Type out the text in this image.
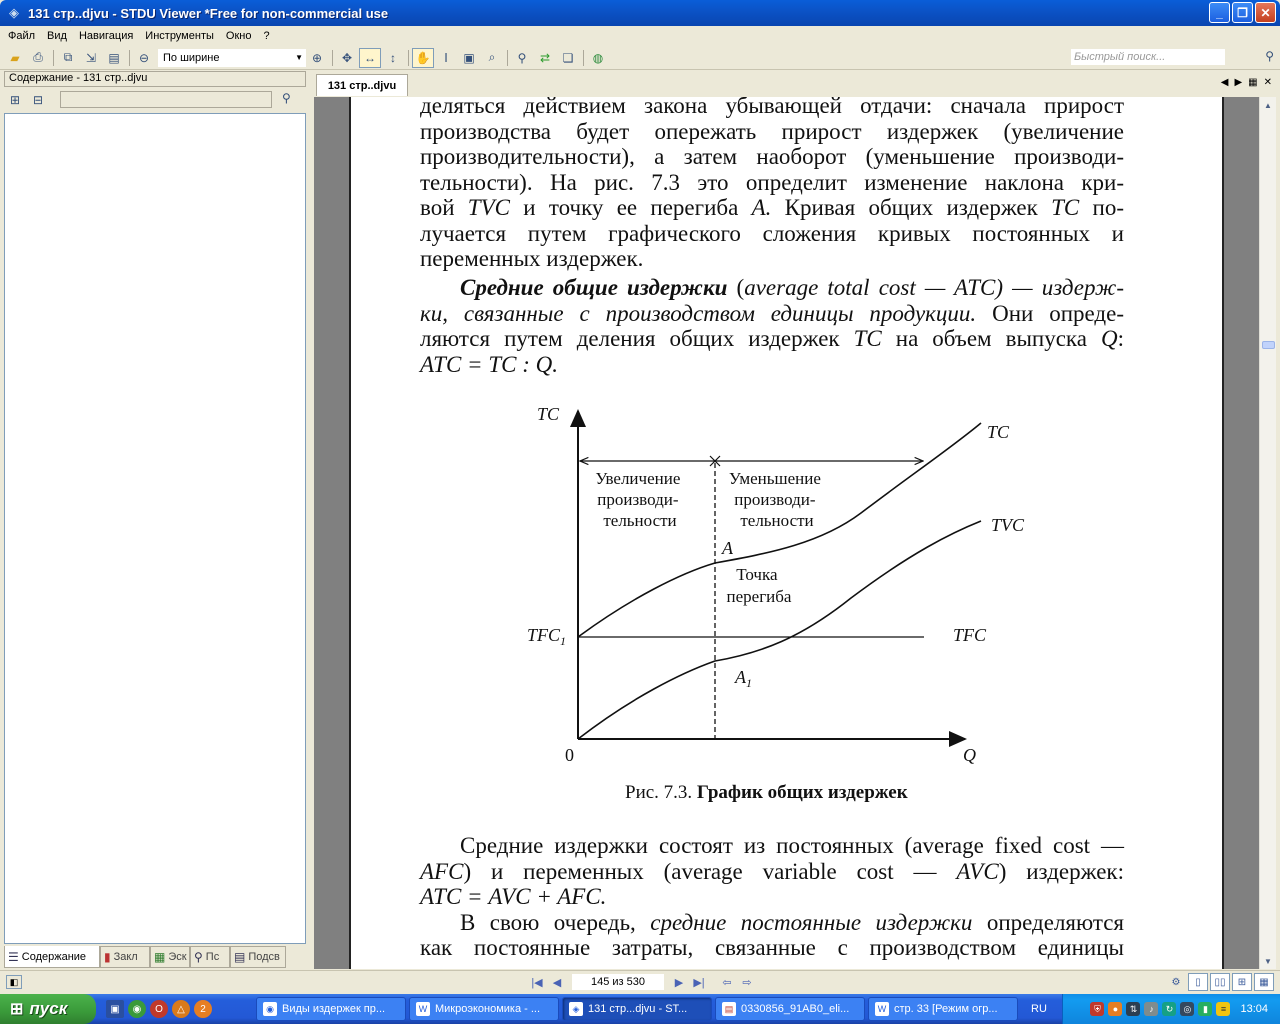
◈ 131 стр..djvu - STDU Viewer *Free for non-commercial use	_	❐	✕
Файл	Вид	Навигация	Инструменты	Окно	?
▰	⎙	⧉	⇲	▤	⊖	По ширине	▼ ⊕	✥ ↔	↕	✋	Ⅰ	▣	⌕	⚲	⇄	❏	◍	Быстрый поиск...	⚲
Содержание - 131 стр..djvu
⊞	⊟	⚲
☰ Содержание ▮ Закл ▦ Эск ⚲ Пс ▤ Подсв
131 стр..djvu	◀ ▶ ▦ ✕
делятьcя действием закона убывающей отдачи: сначала прирост
производства будет опережать прирост издержек (увеличение
производительности), а затем наоборот (уменьшение производи-
тельности). На рис. 7.3 это определит изменение наклона кри-
вой TVC и точку ее перегиба А. Кривая общих издержек ТС по-
лучается путем графического сложения кривых постоянных и
переменных издержек.
Средние общие издержки (average total cost — ATC) — издерж-
ки, связанные с производством единицы продукции. Они опреде-
ляются путем деления общих издержек ТС на объем выпуска Q:
АТС = ТС : Q.
TC
Q
0
TC
TVC
TFC
$TFC_1$
A
$A_1$
Увеличение производи- тельности
Уменьшение производи- тельности
Точка перегиба
Рис. 7.3. График общих издержек
Средние издержки состоят из постоянных (average fixed cost —
AFC) и переменных (average variable cost — AVC) издержек:
АТС = AVC + AFC.
В свою очередь, средние постоянные издержки определяются
как постоянные затраты, связанные с производством единицы
▲
▼
◧	|◀ ◀	145 из 530	▶ ▶|	⇦ ⇨	⚙	▯	▯▯	⊞	▦
⊞ пуск	▣	◉	O	△	2	◉ Виды издержек пр...	W Микроэкономика - ...	◈ 131 стр...djvu - ST...	▤ 0330856_91AB0_eli...	W стр. 33 [Режим огр...	RU	⛨	●	⇅	♪	↻	◎	▮	≡	13:04
